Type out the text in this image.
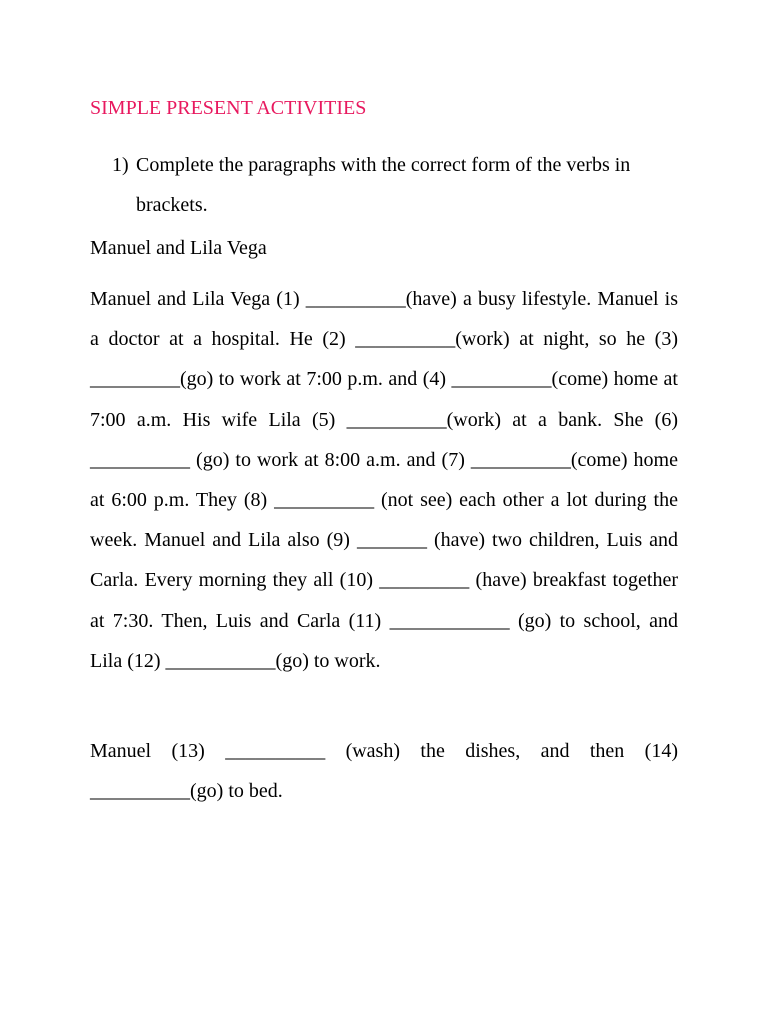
SIMPLE PRESENT ACTIVITIES
1) Complete the paragraphs with the correct form of the verbs in brackets.
Manuel and Lila Vega

Manuel and Lila Vega (1) __________(have) a busy lifestyle. Manuel is a doctor at a hospital. He (2) __________(work) at night, so he (3) _________(go) to work at 7:00 p.m. and (4) __________(come) home at 7:00 a.m. His wife Lila (5) __________(work) at a bank. She (6) __________ (go) to work at 8:00 a.m. and (7) __________(come) home at 6:00 p.m. They (8) __________ (not see) each other a lot during the week. Manuel and Lila also (9) _______ (have) two children, Luis and Carla. Every morning they all (10) _________ (have) breakfast together at 7:30. Then, Luis and Carla (11) ____________ (go) to school, and Lila (12) ___________(go) to work.

Manuel (13) __________ (wash) the dishes, and then (14) __________(go) to bed.
